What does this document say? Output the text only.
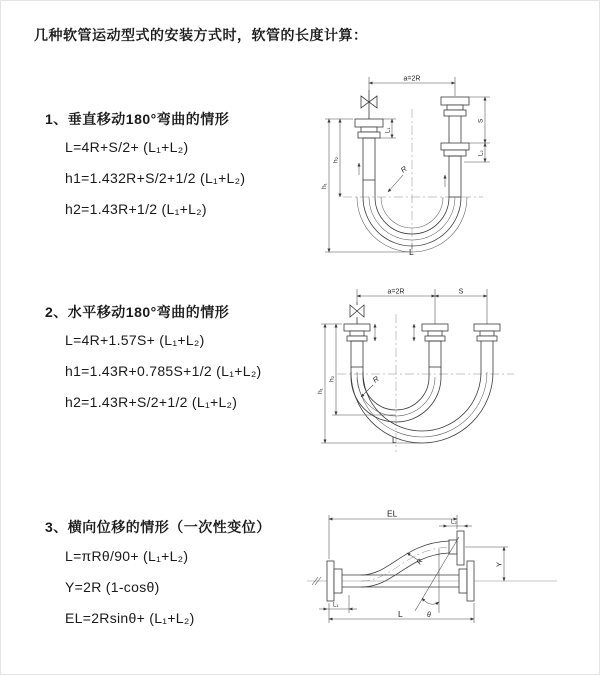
几种软管运动型式的安装方式时，软管的长度计算：
1、垂直移动180°弯曲的情形
L=4R+S/2+ (L₁+L₂)
h1=1.432R+S/2+1/2 (L₁+L₂)
h2=1.43R+1/2 (L₁+L₂)
2、水平移动180°弯曲的情形
L=4R+1.57S+ (L₁+L₂)
h1=1.43R+0.785S+1/2 (L₁+L₂)
h2=1.43R+S/2+1/2 (L₁+L₂)
3、横向位移的情形（一次性变位）
L=πRθ/90+ (L₁+L₂)
Y=2R (1-cosθ)
EL=2Rsinθ+ (L₁+L₂)
a=2R
h₁
h₂
L₁
S
L₂
R
L
a=2R	S
h₁
h₂	R
L
EL
L₂
Y
L
L₁
R
θ
